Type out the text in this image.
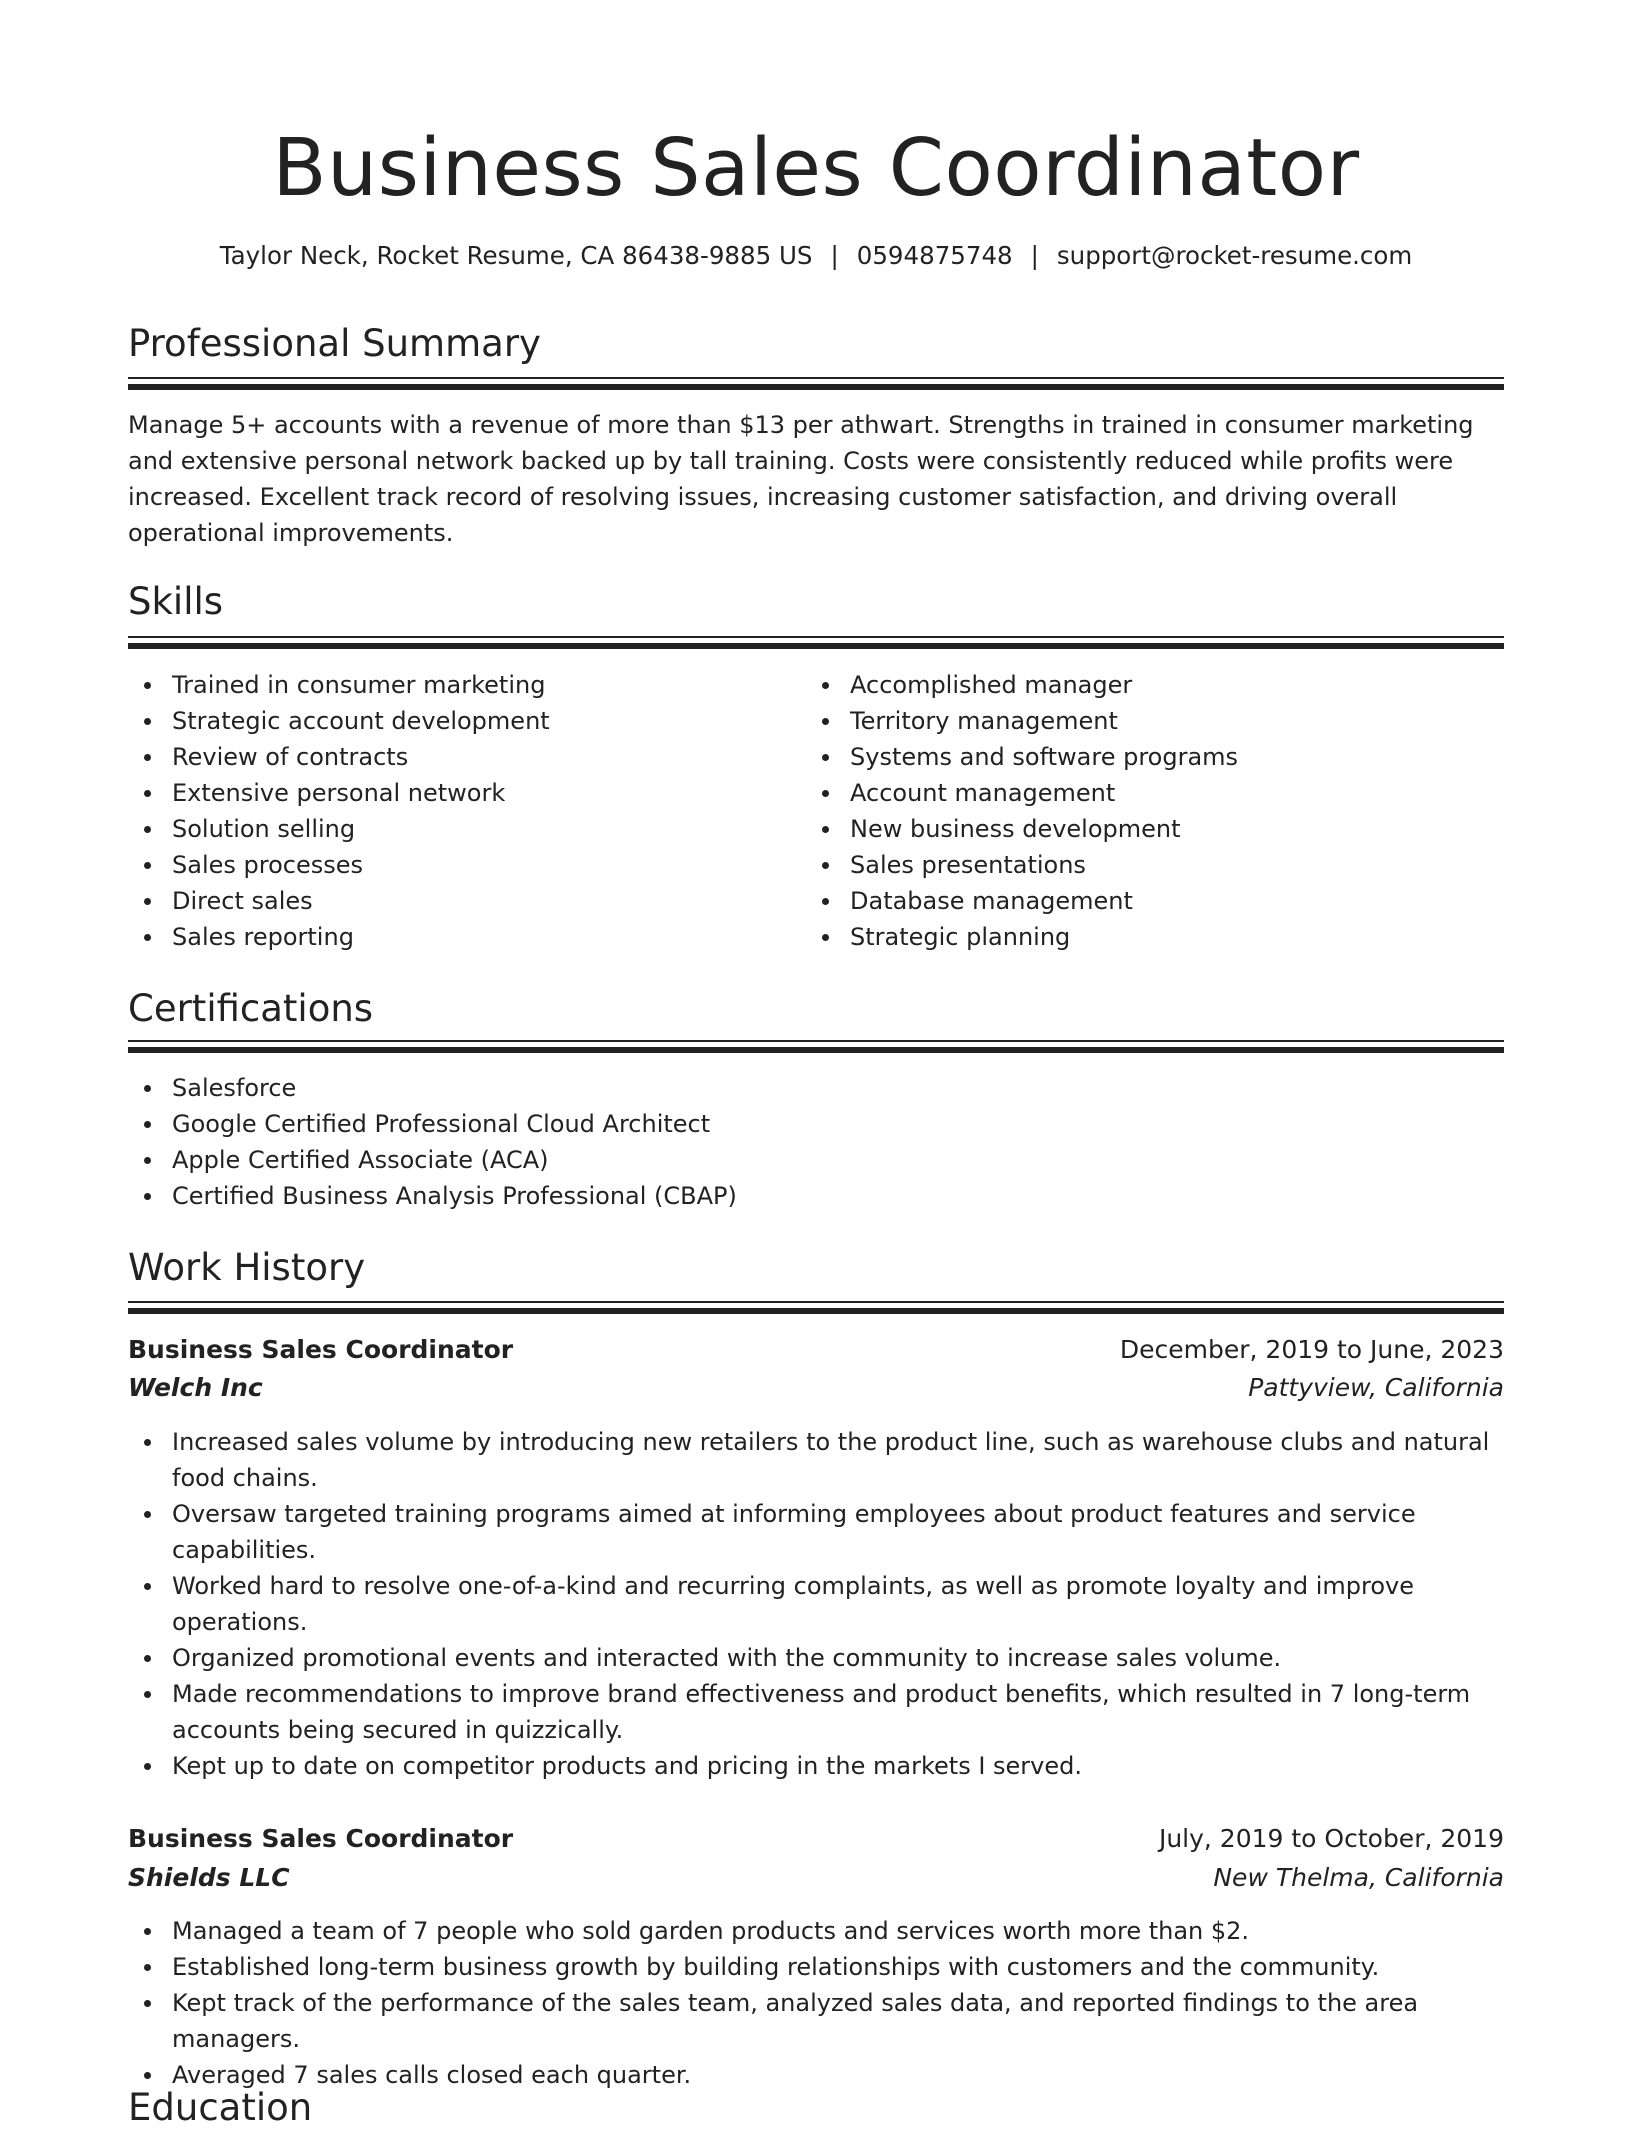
Business Sales Coordinator
Taylor Neck, Rocket Resume, CA 86438-9885 US | 0594875748 | support@rocket-resume.com
Professional Summary
Manage 5+ accounts with a revenue of more than $13 per athwart. Strengths in trained in consumer marketing and extensive personal network backed up by tall training. Costs were consistently reduced while profits were increased. Excellent track record of resolving issues, increasing customer satisfaction, and driving overall operational improvements.
Skills
Trained in consumer marketing
Strategic account development
Review of contracts
Extensive personal network
Solution selling
Sales processes
Direct sales
Sales reporting
Accomplished manager
Territory management
Systems and software programs
Account management
New business development
Sales presentations
Database management
Strategic planning
Certifications
Salesforce
Google Certified Professional Cloud Architect
Apple Certified Associate (ACA)
Certified Business Analysis Professional (CBAP)
Work History
Business Sales Coordinator	December, 2019 to June, 2023
Welch Inc	Pattyview, California
Increased sales volume by introducing new retailers to the product line, such as warehouse clubs and natural food chains.
Oversaw targeted training programs aimed at informing employees about product features and service capabilities.
Worked hard to resolve one-of-a-kind and recurring complaints, as well as promote loyalty and improve operations.
Organized promotional events and interacted with the community to increase sales volume.
Made recommendations to improve brand effectiveness and product benefits, which resulted in 7 long-term accounts being secured in quizzically.
Kept up to date on competitor products and pricing in the markets I served.
Business Sales Coordinator	July, 2019 to October, 2019
Shields LLC	New Thelma, California
Managed a team of 7 people who sold garden products and services worth more than $2.
Established long-term business growth by building relationships with customers and the community.
Kept track of the performance of the sales team, analyzed sales data, and reported findings to the area managers.
Averaged 7 sales calls closed each quarter.
Education
